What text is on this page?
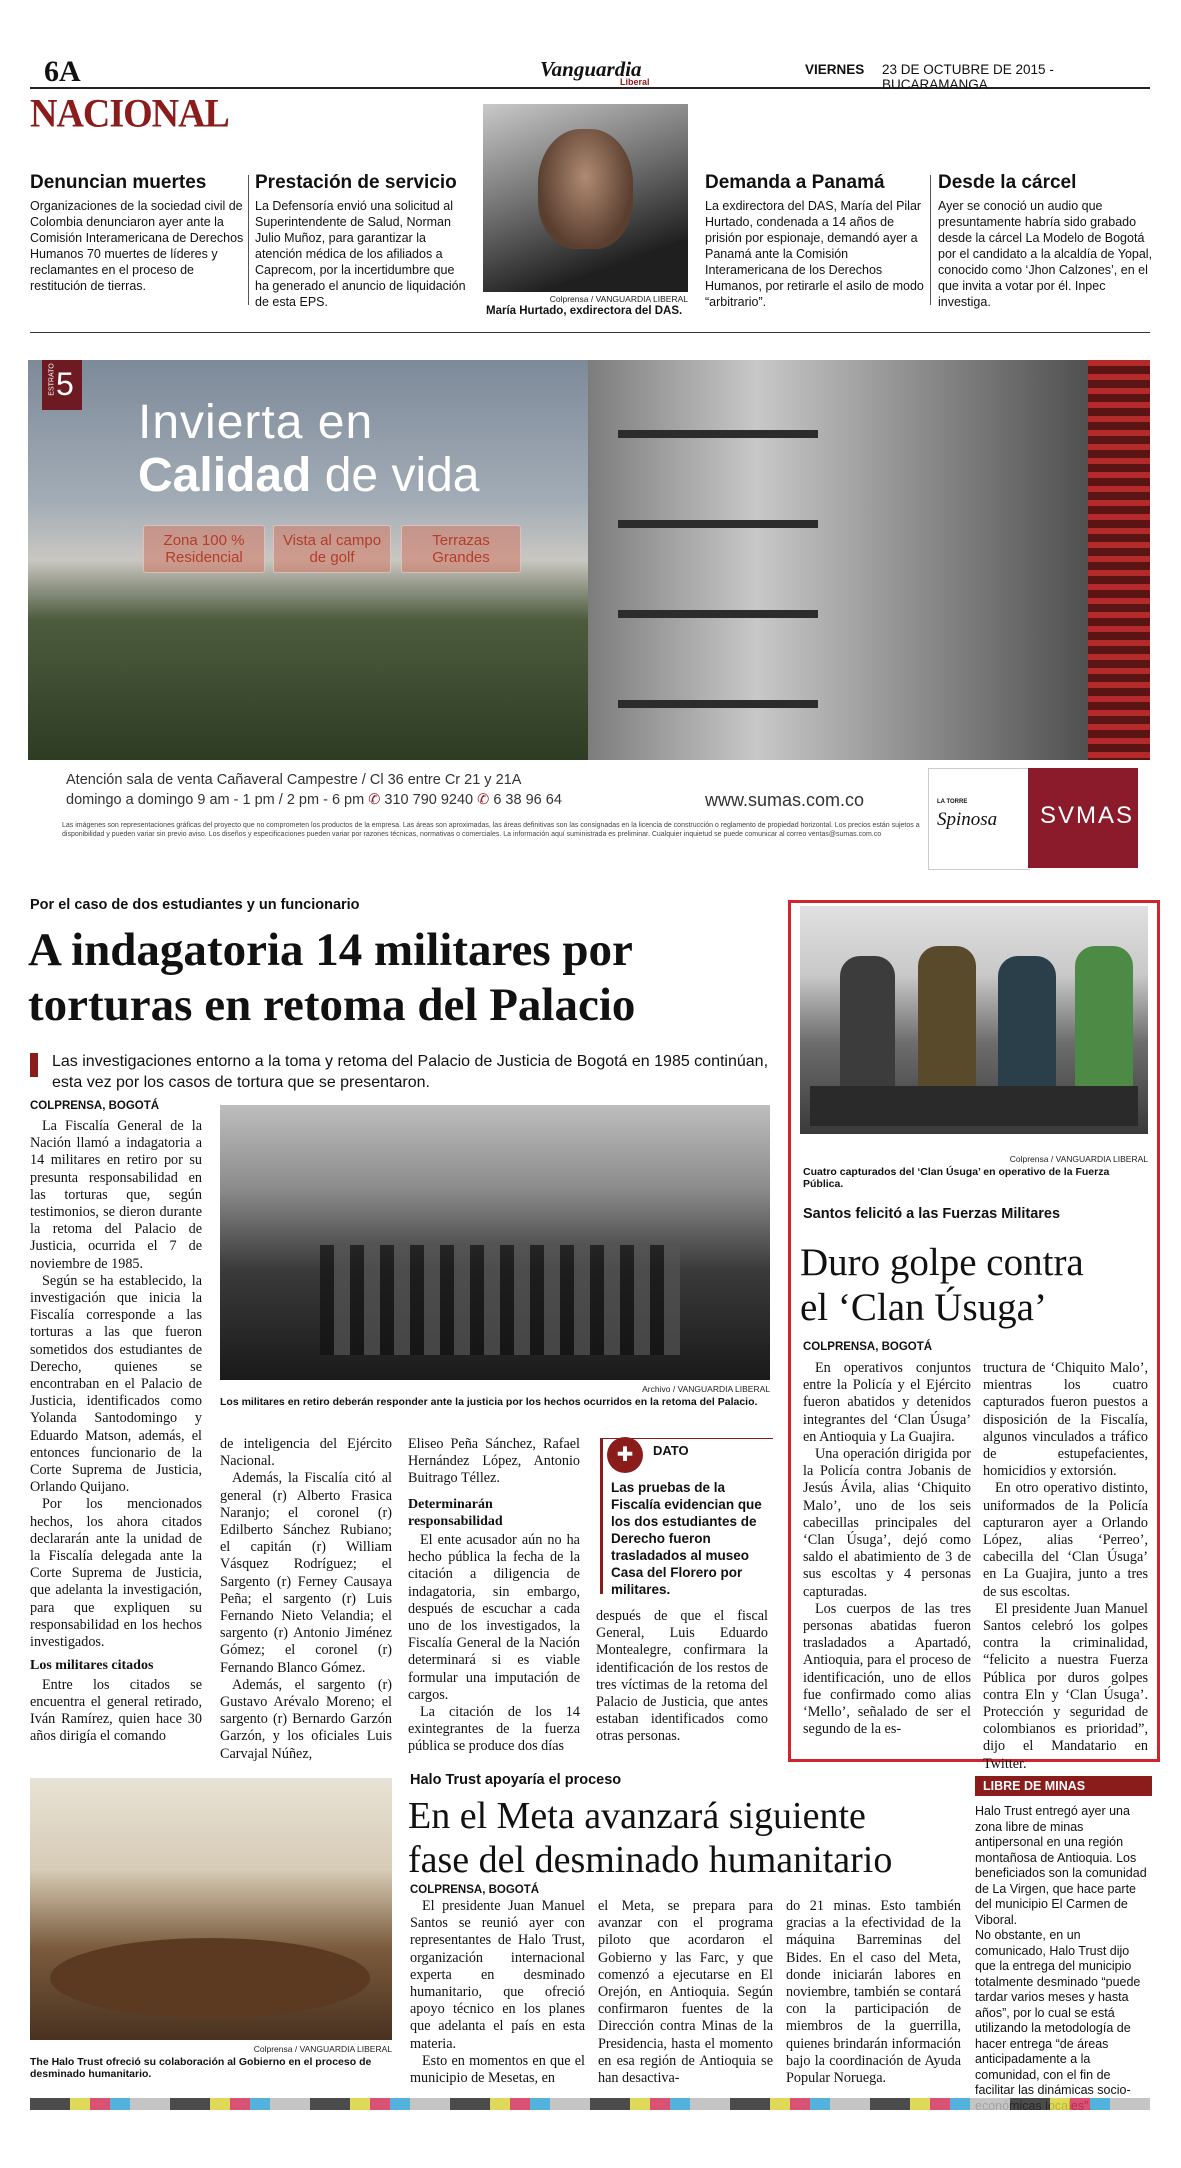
6A	Vanguardia
Liberal
VIERNES 23 DE OCTUBRE DE 2015 - BUCARAMANGA
NACIONAL
Denuncian muertes

Organizaciones de la sociedad civil de Colombia denunciaron ayer ante la Comisión Interamericana de Derechos Humanos 70 muertes de líderes y reclamantes en el proceso de restitución de tierras.

Prestación de servicio

La Defensoría envió una solicitud al Superintendente de Salud, Norman Julio Muñoz, para garantizar la atención médica de los afiliados a Caprecom, por la incertidumbre que ha generado el anuncio de liquidación de esta EPS.	Colprensa / VANGUARDIA LIBERAL
María Hurtado, exdirectora del DAS.
Demanda a Panamá

La exdirectora del DAS, María del Pilar Hurtado, condenada a 14 años de prisión por espionaje, demandó ayer a Panamá ante la Comisión Interamericana de los Derechos Humanos, por retirarle el asilo de modo “arbitrario”.

Desde la cárcel

Ayer se conoció un audio que presuntamente habría sido grabado desde la cárcel La Modelo de Bogotá por el candidato a la alcaldía de Yopal, conocido como ‘Jhon Calzones’, en el que invita a votar por él. Inpec investiga.

ESTRATO 5
Invierta en
Calidad de vida
Zona 100 % Residencial
Vista al campo de golf
Terrazas Grandes
Atención sala de venta Cañaveral Campestre / Cl 36 entre Cr 21 y 21A
domingo a domingo 9 am - 1 pm / 2 pm - 6 pm ✆ 310 790 9240 ✆ 6 38 96 64	www.sumas.com.co
Las imágenes son representaciones gráficas del proyecto que no comprometen los productos de la empresa. Las áreas son aproximadas, las áreas definitivas son las consignadas en la licencia de construcción o reglamento de propiedad horizontal. Los precios están sujetos a disponibilidad y pueden variar sin previo aviso. Los diseños y especificaciones pueden variar por razones técnicas, normativas o comerciales. La información aquí suministrada es preliminar. Cualquier inquietud se puede comunicar al correo ventas@sumas.com.co
LA TORRE
Spinosa SVMAS
Por el caso de dos estudiantes y un funcionario
A indagatoria 14 militares por
torturas en retoma del Palacio
Las investigaciones entorno a la toma y retoma del Palacio de Justicia de Bogotá en 1985 continúan, esta vez por los casos de tortura que se presentaron.
COLPRENSA, BOGOTÁ

La Fiscalía General de la Nación llamó a indagatoria a 14 militares en retiro por su presunta responsabilidad en las torturas que, según testimonios, se dieron durante la retoma del Palacio de Justicia, ocurrida el 7 de noviembre de 1985.

Según se ha establecido, la investigación que inicia la Fiscalía corresponde a las torturas a las que fueron sometidos dos estudiantes de Derecho, quienes se encontraban en el Palacio de Justicia, identificados como Yolanda Santodomingo y Eduardo Matson, además, el entonces funcionario de la Corte Suprema de Justicia, Orlando Quijano.

Por los mencionados hechos, los ahora citados declararán ante la unidad de la Fiscalía delegada ante la Corte Suprema de Justicia, que adelanta la investigación, para que expliquen su responsabilidad en los hechos investigados.

Los militares citados

Entre los citados se encuentra el general retirado, Iván Ramírez, quien hace 30 años dirigía el comando

Archivo / VANGUARDIA LIBERAL
Los militares en retiro deberán responder ante la justicia por los hechos ocurridos en la retoma del Palacio.

de inteligencia del Ejército Nacional.

Además, la Fiscalía citó al general (r) Alberto Frasica Naranjo; el coronel (r) Edilberto Sánchez Rubiano; el capitán (r) William Vásquez Rodríguez; el Sargento (r) Ferney Causaya Peña; el sargento (r) Luis Fernando Nieto Velandia; el sargento (r) Antonio Jiménez Gómez; el coronel (r) Fernando Blanco Gómez.

Además, el sargento (r) Gustavo Arévalo Moreno; el sargento (r) Bernardo Garzón Garzón, y los oficiales Luis Carvajal Núñez,

Eliseo Peña Sánchez, Rafael Hernández López, Antonio Buitrago Téllez.

Determinarán responsabilidad

El ente acusador aún no ha hecho pública la fecha de la citación a diligencia de indagatoria, sin embargo, después de escuchar a cada uno de los investigados, la Fiscalía General de la Nación determinará si es viable formular una imputación de cargos.

La citación de los 14 exintegrantes de la fuerza pública se produce dos días

✚	DATO
Las pruebas de la Fiscalía evidencian que los dos estudiantes de Derecho fueron trasladados al museo Casa del Florero por militares.

después de que el fiscal General, Luis Eduardo Montealegre, confirmara la identificación de los restos de tres víctimas de la retoma del Palacio de Justicia, que antes estaban identificados como otras personas.

Colprensa / VANGUARDIA LIBERAL
Cuatro capturados del ‘Clan Úsuga’ en operativo de la Fuerza Pública.
Santos felicitó a las Fuerzas Militares
Duro golpe contra
el ‘Clan Úsuga’
COLPRENSA, BOGOTÁ

En operativos conjuntos entre la Policía y el Ejército fueron abatidos y detenidos integrantes del ‘Clan Úsuga’ en Antioquia y La Guajira.

Una operación dirigida por la Policía contra Jobanis de Jesús Ávila, alias ‘Chiquito Malo’, uno de los seis cabecillas principales del ‘Clan Úsuga’, dejó como saldo el abatimiento de 3 de sus escoltas y 4 personas capturadas.

Los cuerpos de las tres personas abatidas fueron trasladados a Apartadó, Antioquia, para el proceso de identificación, uno de ellos fue confirmado como alias ‘Mello’, señalado de ser el segundo de la es-

tructura de ‘Chiquito Malo’, mientras los cuatro capturados fueron puestos a disposición de la Fiscalía, algunos vinculados a tráfico de estupefacientes, homicidios y extorsión.

En otro operativo distinto, uniformados de la Policía capturaron ayer a Orlando López, alias ‘Perreo’, cabecilla del ‘Clan Úsuga’ en La Guajira, junto a tres de sus escoltas.

El presidente Juan Manuel Santos celebró los golpes contra la criminalidad, “felicito a nuestra Fuerza Pública por duros golpes contra Eln y ‘Clan Úsuga’. Protección y seguridad de colombianos es prioridad”, dijo el Mandatario en Twitter.

Colprensa / VANGUARDIA LIBERAL
The Halo Trust ofreció su colaboración al Gobierno en el proceso de desminado humanitario.
Halo Trust apoyaría el proceso
En el Meta avanzará siguiente
fase del desminado humanitario
COLPRENSA, BOGOTÁ

El presidente Juan Manuel Santos se reunió ayer con representantes de Halo Trust, organización internacional experta en desminado humanitario, que ofreció apoyo técnico en los planes que adelanta el país en esta materia.

Esto en momentos en que el municipio de Mesetas, en

el Meta, se prepara para avanzar con el programa piloto que acordaron el Gobierno y las Farc, y que comenzó a ejecutarse en El Orejón, en Antioquia. Según confirmaron fuentes de la Dirección contra Minas de la Presidencia, hasta el momento en esa región de Antioquia se han desactiva-

do 21 minas. Esto también gracias a la efectividad de la máquina Barreminas del Bides. En el caso del Meta, donde iniciarán labores en noviembre, también se contará con la participación de miembros de la guerrilla, quienes brindarán información bajo la coordinación de Ayuda Popular Noruega.

LIBRE DE MINAS

Halo Trust entregó ayer una zona libre de minas antipersonal en una región montañosa de Antioquia. Los beneficiados son la comunidad de La Virgen, que hace parte del municipio El Carmen de Viboral.

No obstante, en un comunicado, Halo Trust dijo que la entrega del municipio totalmente desminado “puede tardar varios meses y hasta años”, por lo cual se está utilizando la metodología de hacer entrega “de áreas anticipadamente a la comunidad, con el fin de facilitar las dinámicas socio-
